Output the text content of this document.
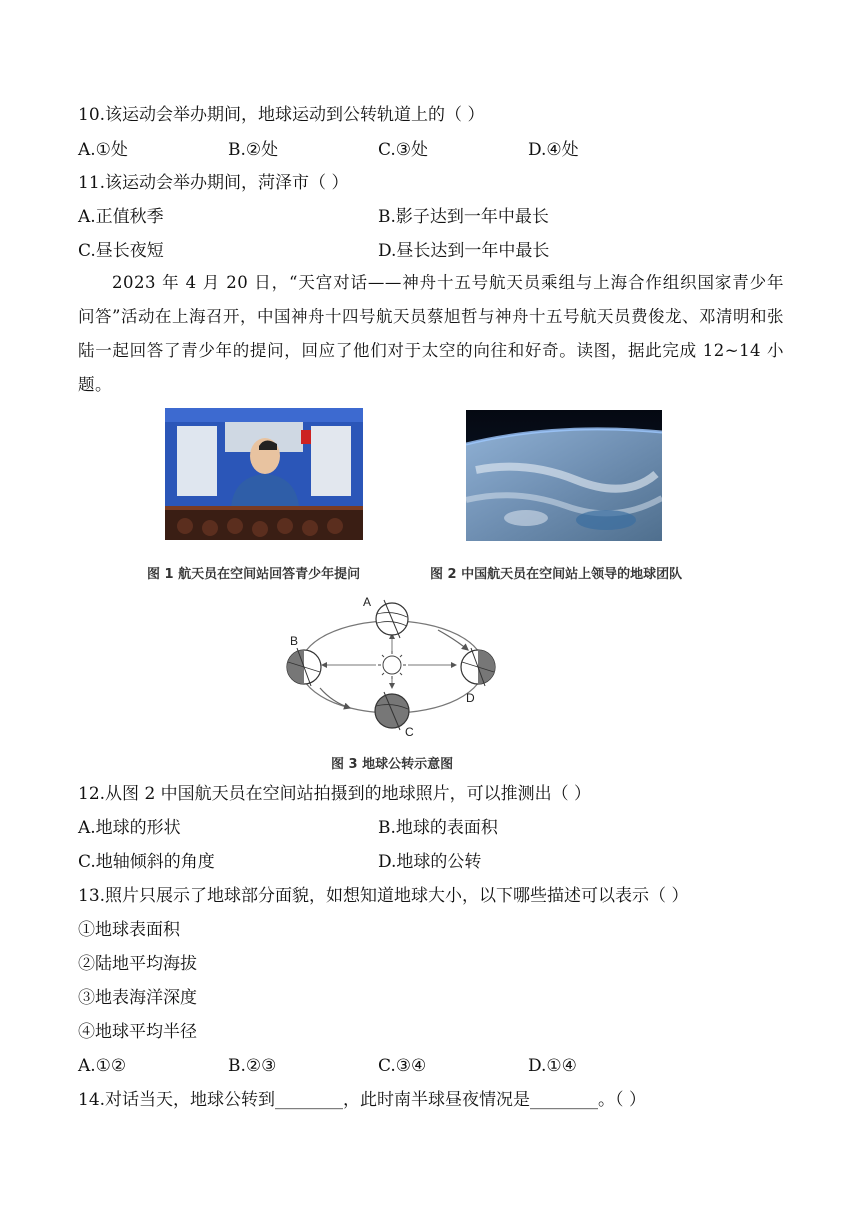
10.该运动会举办期间，地球运动到公转轨道上的（ ）
A.①处	B.②处	C.③处	D.④处
11.该运动会举办期间，菏泽市（ ）
A.正值秋季	B.影子达到一年中最长
C.昼长夜短	D.昼长达到一年中最长
2023 年 4 月 20 日，“天宫对话——神舟十五号航天员乘组与上海合作组织国家青少年问答”活动在上海召开，中国神舟十四号航天员蔡旭哲与神舟十五号航天员费俊龙、邓清明和张陆一起回答了青少年的提问，回应了他们对于太空的向往和好奇。读图，据此完成 12~14 小题。
图 1 航天员在空间站回答青少年提问	图 2 中国航天员在空间站上领导的地球团队
A
B
C
D
图 3 地球公转示意图
12.从图 2 中国航天员在空间站拍摄到的地球照片，可以推测出（ ）
A.地球的形状	B.地球的表面积
C.地轴倾斜的角度	D.地球的公转
13.照片只展示了地球部分面貌，如想知道地球大小，以下哪些描述可以表示（ ）
①地球表面积
②陆地平均海拔
③地表海洋深度
④地球平均半径
A.①②	B.②③	C.③④	D.①④
14.对话当天，地球公转到________，此时南半球昼夜情况是________。（ ）
